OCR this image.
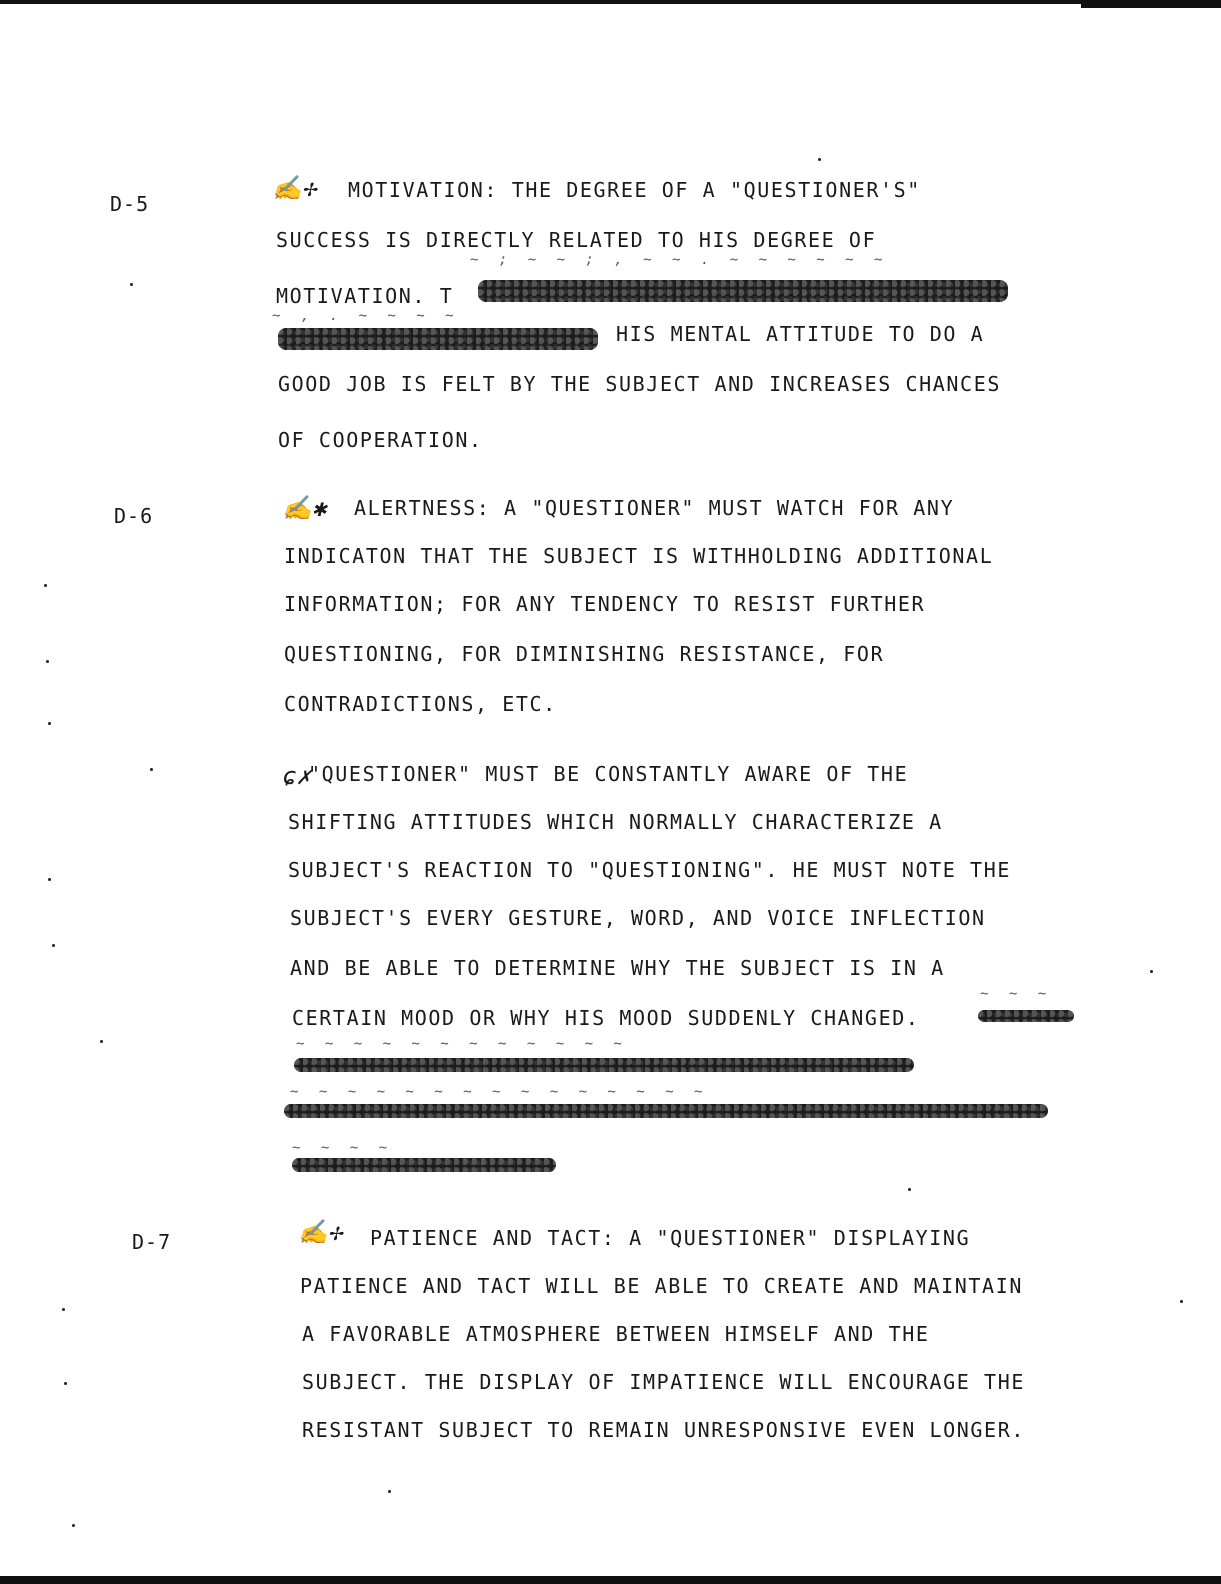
D-5
✍✢ MOTIVATION: THE DEGREE OF A "QUESTIONER'S"
SUCCESS IS DIRECTLY RELATED TO HIS DEGREE OF
~ ; ~ ~ ; , ~ ~ . ~ ~ ~ ~ ~ ~
MOTIVATION. T
~ , . ~ ~ ~ ~
HIS MENTAL ATTITUDE TO DO A
GOOD JOB IS FELT BY THE SUBJECT AND INCREASES CHANCES
OF COOPERATION.
D-6	✍✱ ALERTNESS: A "QUESTIONER" MUST WATCH FOR ANY
INDICATON THAT THE SUBJECT IS WITHHOLDING ADDITIONAL
INFORMATION; FOR ANY TENDENCY TO RESIST FURTHER
QUESTIONING, FOR DIMINISHING RESISTANCE, FOR
CONTRADICTIONS, ETC.
ɕ✗
"QUESTIONER" MUST BE CONSTANTLY AWARE OF THE
SHIFTING ATTITUDES WHICH NORMALLY CHARACTERIZE A
SUBJECT'S REACTION TO "QUESTIONING". HE MUST NOTE THE
SUBJECT'S EVERY GESTURE, WORD, AND VOICE INFLECTION
AND BE ABLE TO DETERMINE WHY THE SUBJECT IS IN A
CERTAIN MOOD OR WHY HIS MOOD SUDDENLY CHANGED.
~ ~ ~
~ ~ ~ ~ ~ ~ ~ ~ ~ ~ ~ ~
~ ~ ~ ~ ~ ~ ~ ~ ~ ~ ~ ~ ~ ~ ~
~ ~ ~ ~
D-7	✍✢ PATIENCE AND TACT: A "QUESTIONER" DISPLAYING
PATIENCE AND TACT WILL BE ABLE TO CREATE AND MAINTAIN
A FAVORABLE ATMOSPHERE BETWEEN HIMSELF AND THE
SUBJECT. THE DISPLAY OF IMPATIENCE WILL ENCOURAGE THE
RESISTANT SUBJECT TO REMAIN UNRESPONSIVE EVEN LONGER.
